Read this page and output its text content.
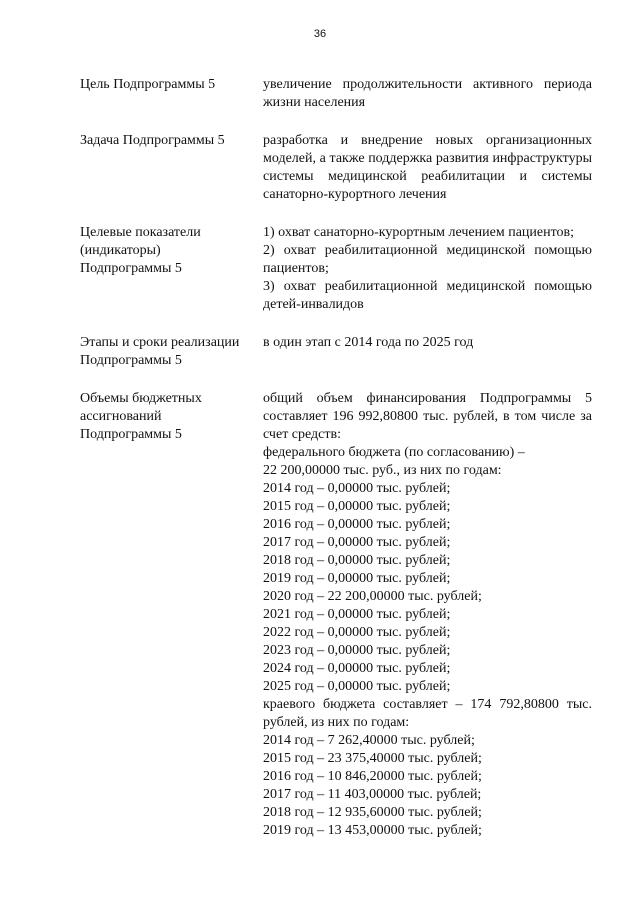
36
Цель Подпрограммы 5	увеличение продолжительности активного периода жизни населения
Задача Подпрограммы 5	разработка и внедрение новых организационных моделей, а также поддержка развития инфраструктуры системы медицинской реабилитации и системы санаторно-курортного лечения
Целевые показатели
(индикаторы)
Подпрограммы 5
1) охват санаторно-курортным лечением пациентов;
2) охват реабилитационной медицинской помощью пациентов;
3) охват реабилитационной медицинской помощью детей-инвалидов
Этапы и сроки реализации
Подпрограммы 5
в один этап с 2014 года по 2025 год
Объемы бюджетных
ассигнований
Подпрограммы 5
общий объем финансирования Подпрограммы 5 составляет 196 992,80800 тыс. рублей, в том числе за счет средств:
федерального бюджета (по согласованию) –
22 200,00000 тыс. руб., из них по годам:
2014 год – 0,00000 тыс. рублей;
2015 год – 0,00000 тыс. рублей;
2016 год – 0,00000 тыс. рублей;
2017 год – 0,00000 тыс. рублей;
2018 год – 0,00000 тыс. рублей;
2019 год – 0,00000 тыс. рублей;
2020 год – 22 200,00000 тыс. рублей;
2021 год – 0,00000 тыс. рублей;
2022 год – 0,00000 тыс. рублей;
2023 год – 0,00000 тыс. рублей;
2024 год – 0,00000 тыс. рублей;
2025 год – 0,00000 тыс. рублей;
краевого бюджета составляет – 174 792,80800 тыс. рублей, из них по годам:
2014 год – 7 262,40000 тыс. рублей;
2015 год – 23 375,40000 тыс. рублей;
2016 год – 10 846,20000 тыс. рублей;
2017 год – 11 403,00000 тыс. рублей;
2018 год – 12 935,60000 тыс. рублей;
2019 год – 13 453,00000 тыс. рублей;
